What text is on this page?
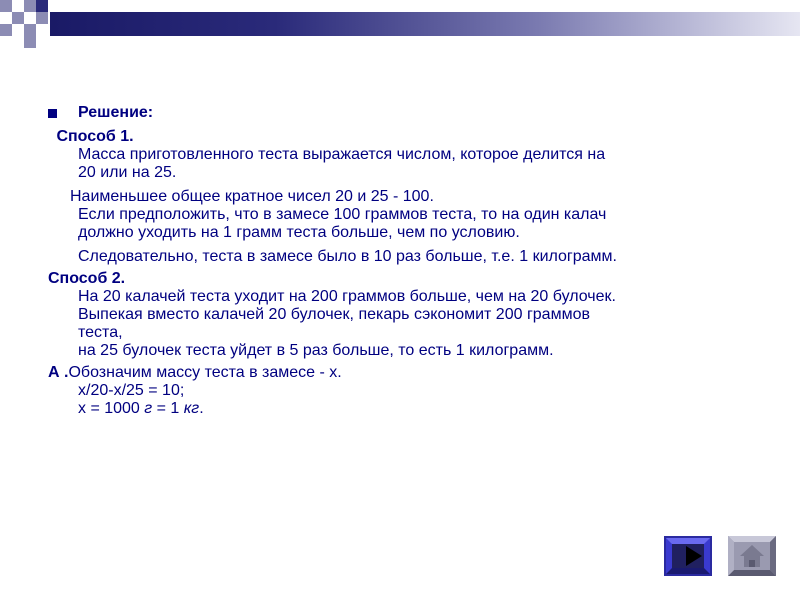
Решение:
Способ 1.
Масса приготовленного теста выражается числом, которое делится на
20 или на 25.
Наименьшее общее кратное чисел 20 и 25 - 100.
Если предположить, что в замесе 100 граммов теста, то на один калач
должно уходить на 1 грамм теста больше, чем по условию.
Следовательно, теста в замесе было в 10 раз больше, т.е. 1 килограмм.
Способ 2.
На 20 калачей теста уходит на 200 граммов больше, чем на 20 булочек.
Выпекая вместо калачей 20 булочек, пекарь сэкономит 200 граммов
теста,
на 25 булочек теста уйдет в 5 раз больше, то есть 1 килограмм.
А .Обозначим массу теста в замесе - х.
х/20-х/25 = 10;
х = 1000 г = 1 кг.
